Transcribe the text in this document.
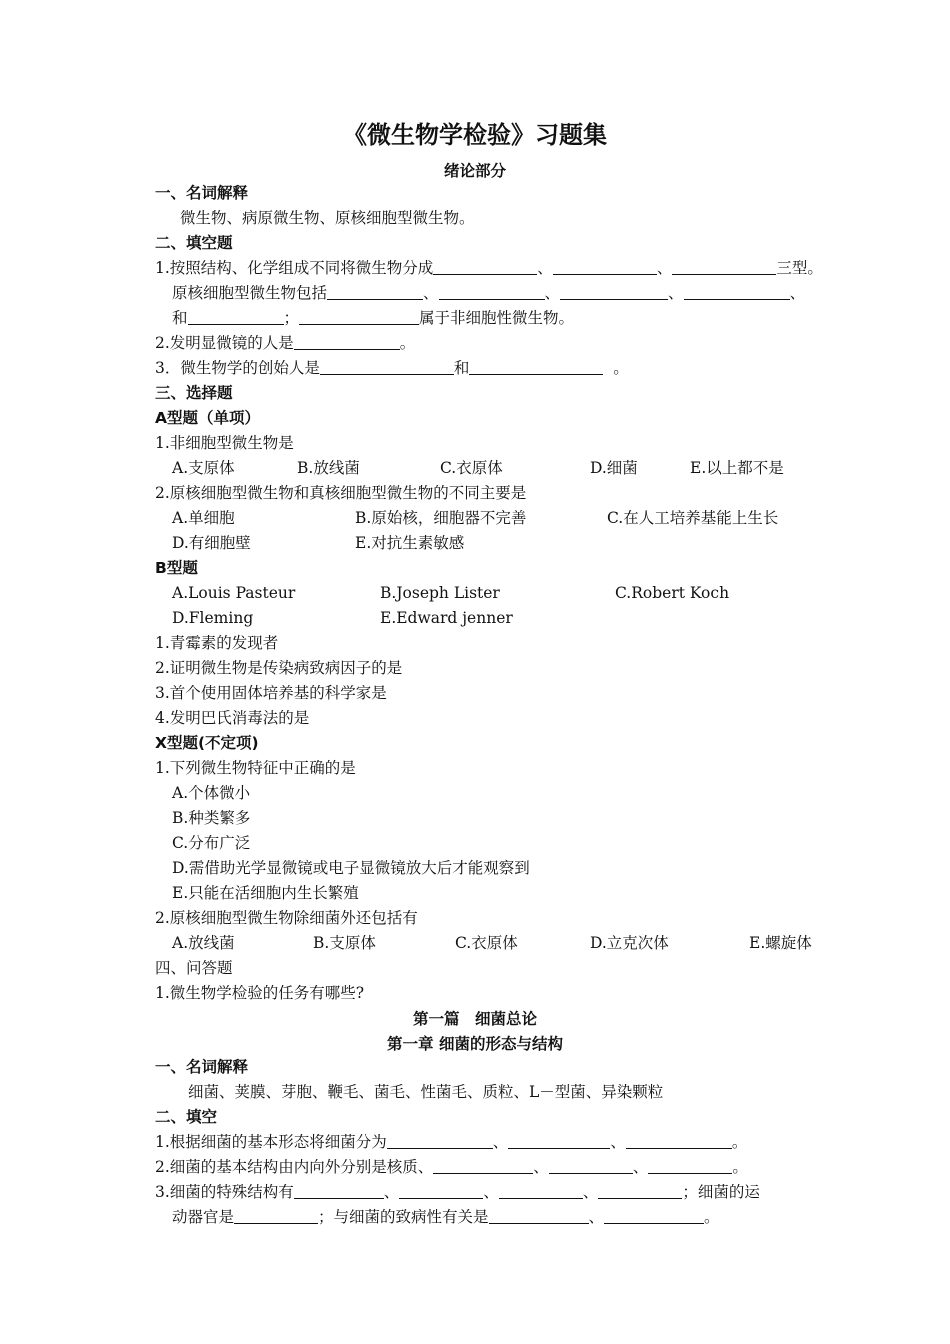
《微生物学检验》习题集
绪论部分
一、名词解释
微生物、病原微生物、原核细胞型微生物。
二、填空题
1.按照结构、化学组成不同将微生物分成	、	、	三型。
原核细胞型微生物包括	、	、	、	、
和	；	属于非细胞性微生物。
2.发明显微镜的人是	。
3．微生物学的创始人是	和	。
三、选择题
A型题（单项）
1.非细胞型微生物是
A.支原体	B.放线菌	C.衣原体	D.细菌	E.以上都不是
2.原核细胞型微生物和真核细胞型微生物的不同主要是
A.单细胞	B.原始核，细胞器不完善	C.在人工培养基能上生长
D.有细胞壁	E.对抗生素敏感
B型题
A.Louis Pasteur	B.Joseph Lister	C.Robert Koch
D.Fleming	E.Edward jenner
1.青霉素的发现者
2.证明微生物是传染病致病因子的是
3.首个使用固体培养基的科学家是
4.发明巴氏消毒法的是
X型题(不定项)
1.下列微生物特征中正确的是
A.个体微小
B.种类繁多
C.分布广泛
D.需借助光学显微镜或电子显微镜放大后才能观察到
E.只能在活细胞内生长繁殖
2.原核细胞型微生物除细菌外还包括有
A.放线菌	B.支原体	C.衣原体	D.立克次体	E.螺旋体
四、问答题
1.微生物学检验的任务有哪些?
第一篇　细菌总论
第一章 细菌的形态与结构
一、名词解释
细菌、荚膜、芽胞、鞭毛、菌毛、性菌毛、质粒、L－型菌、异染颗粒
二、填空
1.根据细菌的基本形态将细菌分为	、	、	。
2.细菌的基本结构由内向外分别是核质、	、	、	。
3.细菌的特殊结构有	、	、	、	；细菌的运
动器官是	；与细菌的致病性有关是	、	。
